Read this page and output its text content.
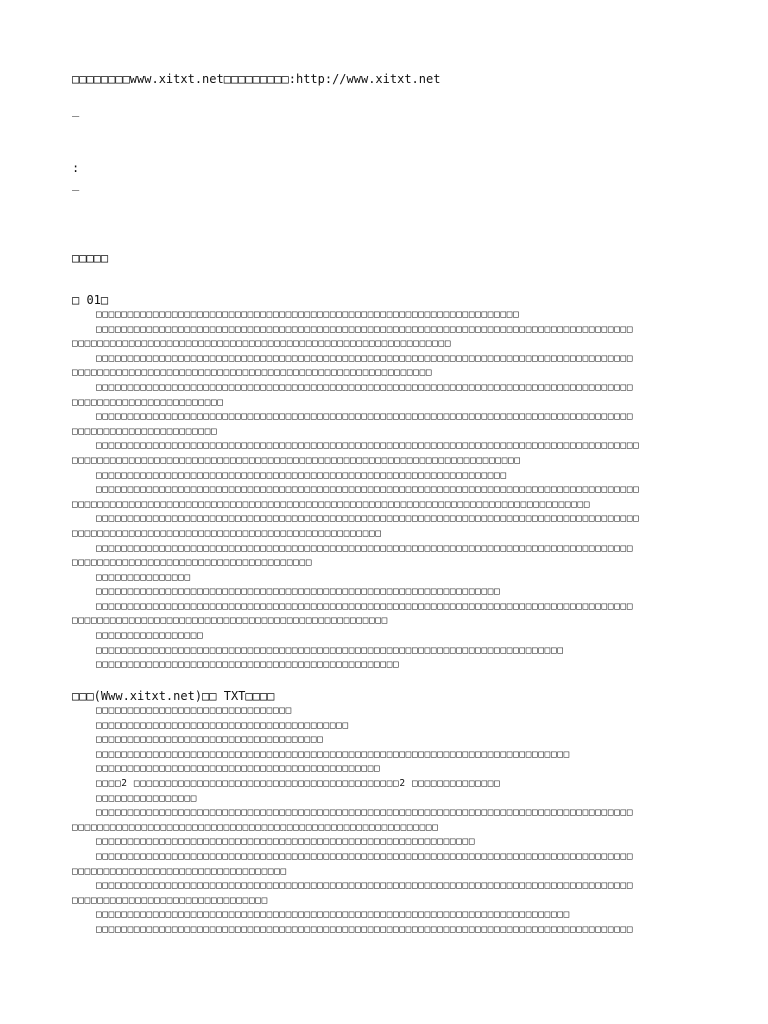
□□□□□□□□www.xitxt.net□□□□□□□□□:http://www.xitxt.net
_
:
_
□□□□□
□ 01□
□□□□□□□□□□□□□□□□□□□□□□□□□□□□□□□□□□□□□□□□□□□□□□□□□□□□□□□□□□□□□□□□□□□
□□□□□□□□□□□□□□□□□□□□□□□□□□□□□□□□□□□□□□□□□□□□□□□□□□□□□□□□□□□□□□□□□□□□□□□□□□□□□□□□□□□□□
□□□□□□□□□□□□□□□□□□□□□□□□□□□□□□□□□□□□□□□□□□□□□□□□□□□□□□□□□□□□
□□□□□□□□□□□□□□□□□□□□□□□□□□□□□□□□□□□□□□□□□□□□□□□□□□□□□□□□□□□□□□□□□□□□□□□□□□□□□□□□□□□□□
□□□□□□□□□□□□□□□□□□□□□□□□□□□□□□□□□□□□□□□□□□□□□□□□□□□□□□□□□
□□□□□□□□□□□□□□□□□□□□□□□□□□□□□□□□□□□□□□□□□□□□□□□□□□□□□□□□□□□□□□□□□□□□□□□□□□□□□□□□□□□□□
□□□□□□□□□□□□□□□□□□□□□□□□
□□□□□□□□□□□□□□□□□□□□□□□□□□□□□□□□□□□□□□□□□□□□□□□□□□□□□□□□□□□□□□□□□□□□□□□□□□□□□□□□□□□□□
□□□□□□□□□□□□□□□□□□□□□□□
□□□□□□□□□□□□□□□□□□□□□□□□□□□□□□□□□□□□□□□□□□□□□□□□□□□□□□□□□□□□□□□□□□□□□□□□□□□□□□□□□□□□□□
□□□□□□□□□□□□□□□□□□□□□□□□□□□□□□□□□□□□□□□□□□□□□□□□□□□□□□□□□□□□□□□□□□□□□□□
□□□□□□□□□□□□□□□□□□□□□□□□□□□□□□□□□□□□□□□□□□□□□□□□□□□□□□□□□□□□□□□□□
□□□□□□□□□□□□□□□□□□□□□□□□□□□□□□□□□□□□□□□□□□□□□□□□□□□□□□□□□□□□□□□□□□□□□□□□□□□□□□□□□□□□□□
□□□□□□□□□□□□□□□□□□□□□□□□□□□□□□□□□□□□□□□□□□□□□□□□□□□□□□□□□□□□□□□□□□□□□□□□□□□□□□□□□□
□□□□□□□□□□□□□□□□□□□□□□□□□□□□□□□□□□□□□□□□□□□□□□□□□□□□□□□□□□□□□□□□□□□□□□□□□□□□□□□□□□□□□□
□□□□□□□□□□□□□□□□□□□□□□□□□□□□□□□□□□□□□□□□□□□□□□□□□
□□□□□□□□□□□□□□□□□□□□□□□□□□□□□□□□□□□□□□□□□□□□□□□□□□□□□□□□□□□□□□□□□□□□□□□□□□□□□□□□□□□□□
□□□□□□□□□□□□□□□□□□□□□□□□□□□□□□□□□□□□□□
□□□□□□□□□□□□□□□
□□□□□□□□□□□□□□□□□□□□□□□□□□□□□□□□□□□□□□□□□□□□□□□□□□□□□□□□□□□□□□□□
□□□□□□□□□□□□□□□□□□□□□□□□□□□□□□□□□□□□□□□□□□□□□□□□□□□□□□□□□□□□□□□□□□□□□□□□□□□□□□□□□□□□□
□□□□□□□□□□□□□□□□□□□□□□□□□□□□□□□□□□□□□□□□□□□□□□□□□□
□□□□□□□□□□□□□□□□□
□□□□□□□□□□□□□□□□□□□□□□□□□□□□□□□□□□□□□□□□□□□□□□□□□□□□□□□□□□□□□□□□□□□□□□□□□□
□□□□□□□□□□□□□□□□□□□□□□□□□□□□□□□□□□□□□□□□□□□□□□□□
□□□(Www.xitxt.net)□□ TXT□□□□
□□□□□□□□□□□□□□□□□□□□□□□□□□□□□□□
□□□□□□□□□□□□□□□□□□□□□□□□□□□□□□□□□□□□□□□□
□□□□□□□□□□□□□□□□□□□□□□□□□□□□□□□□□□□□
□□□□□□□□□□□□□□□□□□□□□□□□□□□□□□□□□□□□□□□□□□□□□□□□□□□□□□□□□□□□□□□□□□□□□□□□□□□
□□□□□□□□□□□□□□□□□□□□□□□□□□□□□□□□□□□□□□□□□□□□□
□□□□2 □□□□□□□□□□□□□□□□□□□□□□□□□□□□□□□□□□□□□□□□□□2 □□□□□□□□□□□□□□
□□□□□□□□□□□□□□□□
□□□□□□□□□□□□□□□□□□□□□□□□□□□□□□□□□□□□□□□□□□□□□□□□□□□□□□□□□□□□□□□□□□□□□□□□□□□□□□□□□□□□□
□□□□□□□□□□□□□□□□□□□□□□□□□□□□□□□□□□□□□□□□□□□□□□□□□□□□□□□□□□
□□□□□□□□□□□□□□□□□□□□□□□□□□□□□□□□□□□□□□□□□□□□□□□□□□□□□□□□□□□□
□□□□□□□□□□□□□□□□□□□□□□□□□□□□□□□□□□□□□□□□□□□□□□□□□□□□□□□□□□□□□□□□□□□□□□□□□□□□□□□□□□□□□
□□□□□□□□□□□□□□□□□□□□□□□□□□□□□□□□□□
□□□□□□□□□□□□□□□□□□□□□□□□□□□□□□□□□□□□□□□□□□□□□□□□□□□□□□□□□□□□□□□□□□□□□□□□□□□□□□□□□□□□□
□□□□□□□□□□□□□□□□□□□□□□□□□□□□□□□
□□□□□□□□□□□□□□□□□□□□□□□□□□□□□□□□□□□□□□□□□□□□□□□□□□□□□□□□□□□□□□□□□□□□□□□□□□□
□□□□□□□□□□□□□□□□□□□□□□□□□□□□□□□□□□□□□□□□□□□□□□□□□□□□□□□□□□□□□□□□□□□□□□□□□□□□□□□□□□□□□
